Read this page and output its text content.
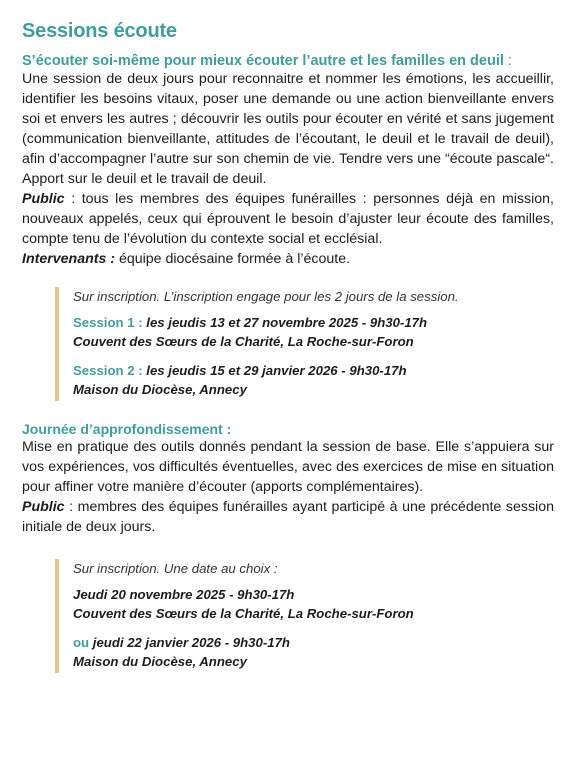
Sessions écoute
S’écouter soi-même pour mieux écouter l’autre et les familles en deuil :

Une session de deux jours pour reconnaitre et nommer les émotions, les accueillir, identifier les besoins vitaux, poser une demande ou une action bienveillante envers soi et envers les autres ; découvrir les outils pour écouter en vérité et sans jugement (communication bienveillante, attitudes de l’écoutant, le deuil et le travail de deuil), afin d’accompagner l’autre sur son chemin de vie. Tendre vers une “écoute pascale“. Apport sur le deuil et le travail de deuil.

Public : tous les membres des équipes funérailles : personnes déjà en mission, nouveaux appelés, ceux qui éprouvent le besoin d’ajuster leur écoute des familles, compte tenu de l’évolution du contexte social et ecclésial.

Intervenants : équipe diocésaine formée à l’écoute.

Sur inscription. L’inscription engage pour les 2 jours de la session.

Session 1 : les jeudis 13 et 27 novembre 2025 - 9h30-17h
Couvent des Sœurs de la Charité, La Roche-sur-Foron
Session 2 : les jeudis 15 et 29 janvier 2026 - 9h30-17h
Maison du Diocèse, Annecy
Journée d’approfondissement :

Mise en pratique des outils donnés pendant la session de base. Elle s’appuiera sur vos expériences, vos difficultés éventuelles, avec des exercices de mise en situation pour affiner votre manière d’écouter (apports complémentaires).

Public : membres des équipes funérailles ayant participé à une précédente session initiale de deux jours.

Sur inscription. Une date au choix :

Jeudi 20 novembre 2025 - 9h30-17h
Couvent des Sœurs de la Charité, La Roche-sur-Foron
ou jeudi 22 janvier 2026 - 9h30-17h
Maison du Diocèse, Annecy
